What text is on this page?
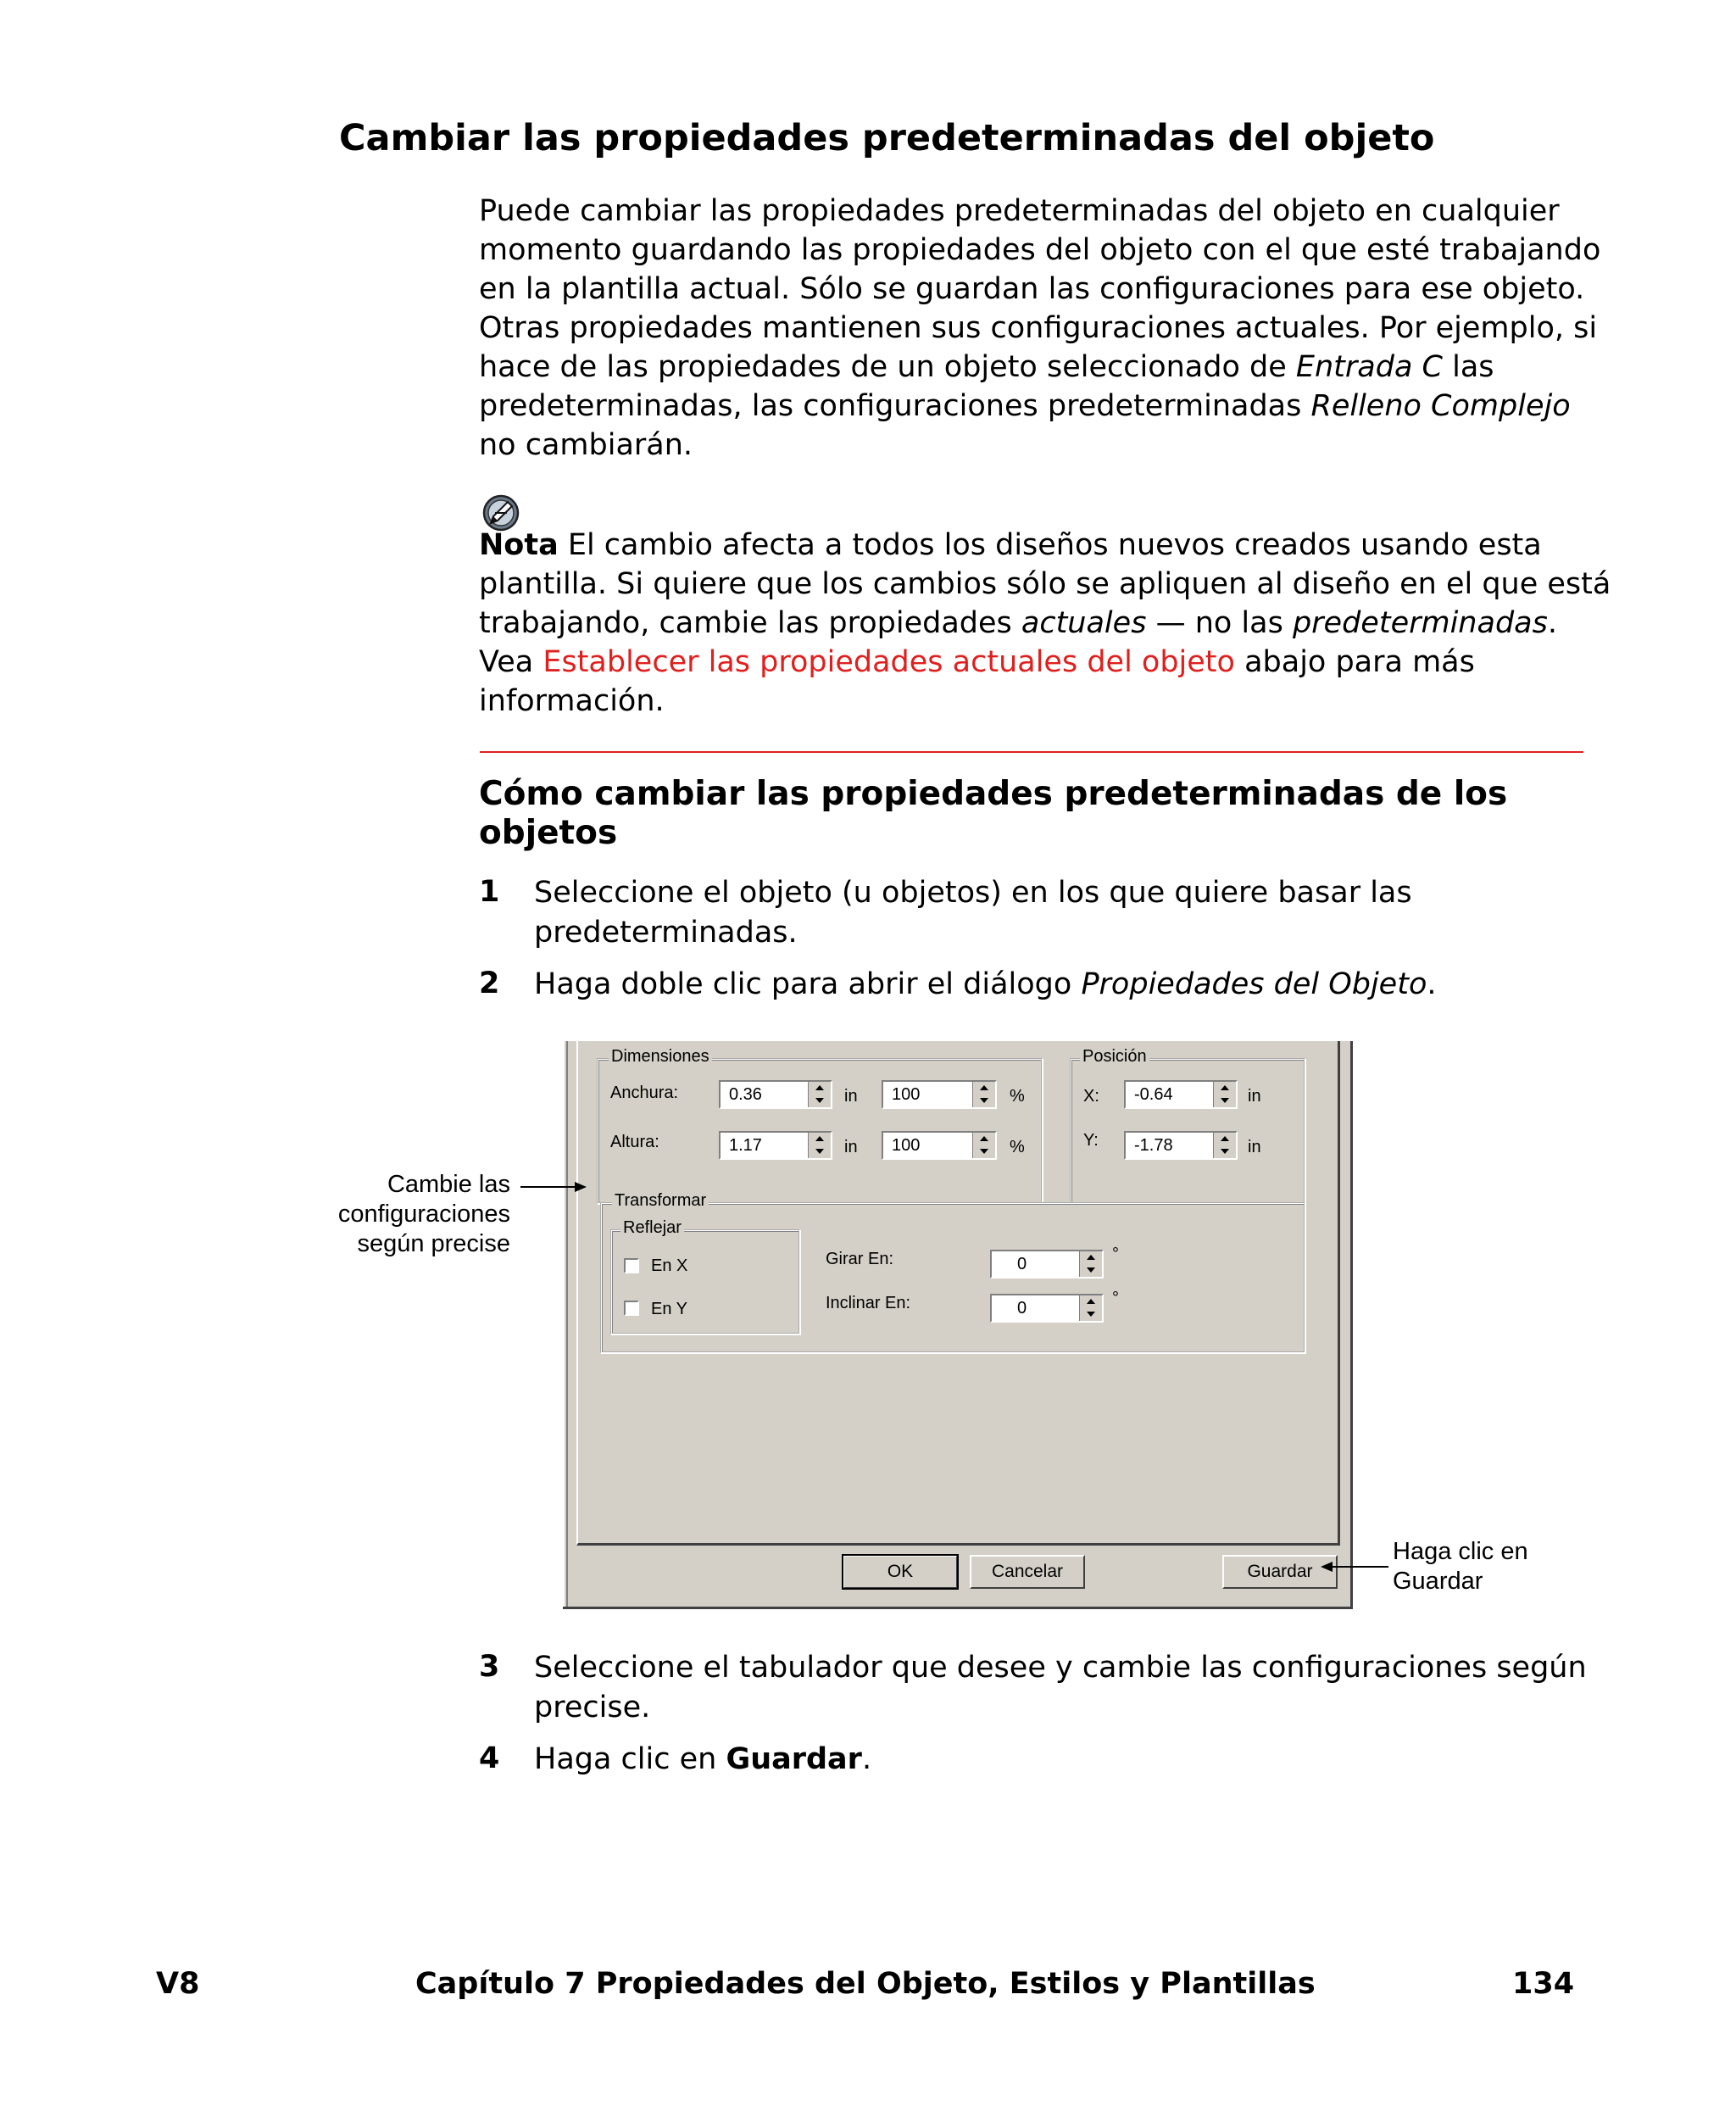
Cambiar las propiedades predeterminadas del objeto
Puede cambiar las propiedades predeterminadas del objeto en cualquier
momento guardando las propiedades del objeto con el que esté trabajando
en la plantilla actual. Sólo se guardan las configuraciones para ese objeto.
Otras propiedades mantienen sus configuraciones actuales. Por ejemplo, si
hace de las propiedades de un objeto seleccionado de Entrada C las
predeterminadas, las configuraciones predeterminadas Relleno Complejo
no cambiarán.
Nota El cambio afecta a todos los diseños nuevos creados usando esta
plantilla. Si quiere que los cambios sólo se apliquen al diseño en el que está
trabajando, cambie las propiedades actuales — no las predeterminadas.
Vea Establecer las propiedades actuales del objeto abajo para más
información.
Cómo cambiar las propiedades predeterminadas de los
objetos
1 Seleccione el objeto (u objetos) en los que quiere basar las
predeterminadas.
2 Haga doble clic para abrir el diálogo Propiedades del Objeto.
Dimensiones
Anchura:	0.36	in 100	%
Altura:	1.17	in 100	%
Posición
X: -0.64	in
Y: -1.78	in
Transformar
Reflejar
En X
En Y
Girar En:	0
°
Inclinar En:	0
°
OK	Cancelar	Guardar
Cambie las
configuraciones
según precise
Haga clic en
Guardar
3 Seleccione el tabulador que desee y cambie las configuraciones según
precise.
4 Haga clic en Guardar.
V8	Capítulo 7 Propiedades del Objeto, Estilos y Plantillas	134
